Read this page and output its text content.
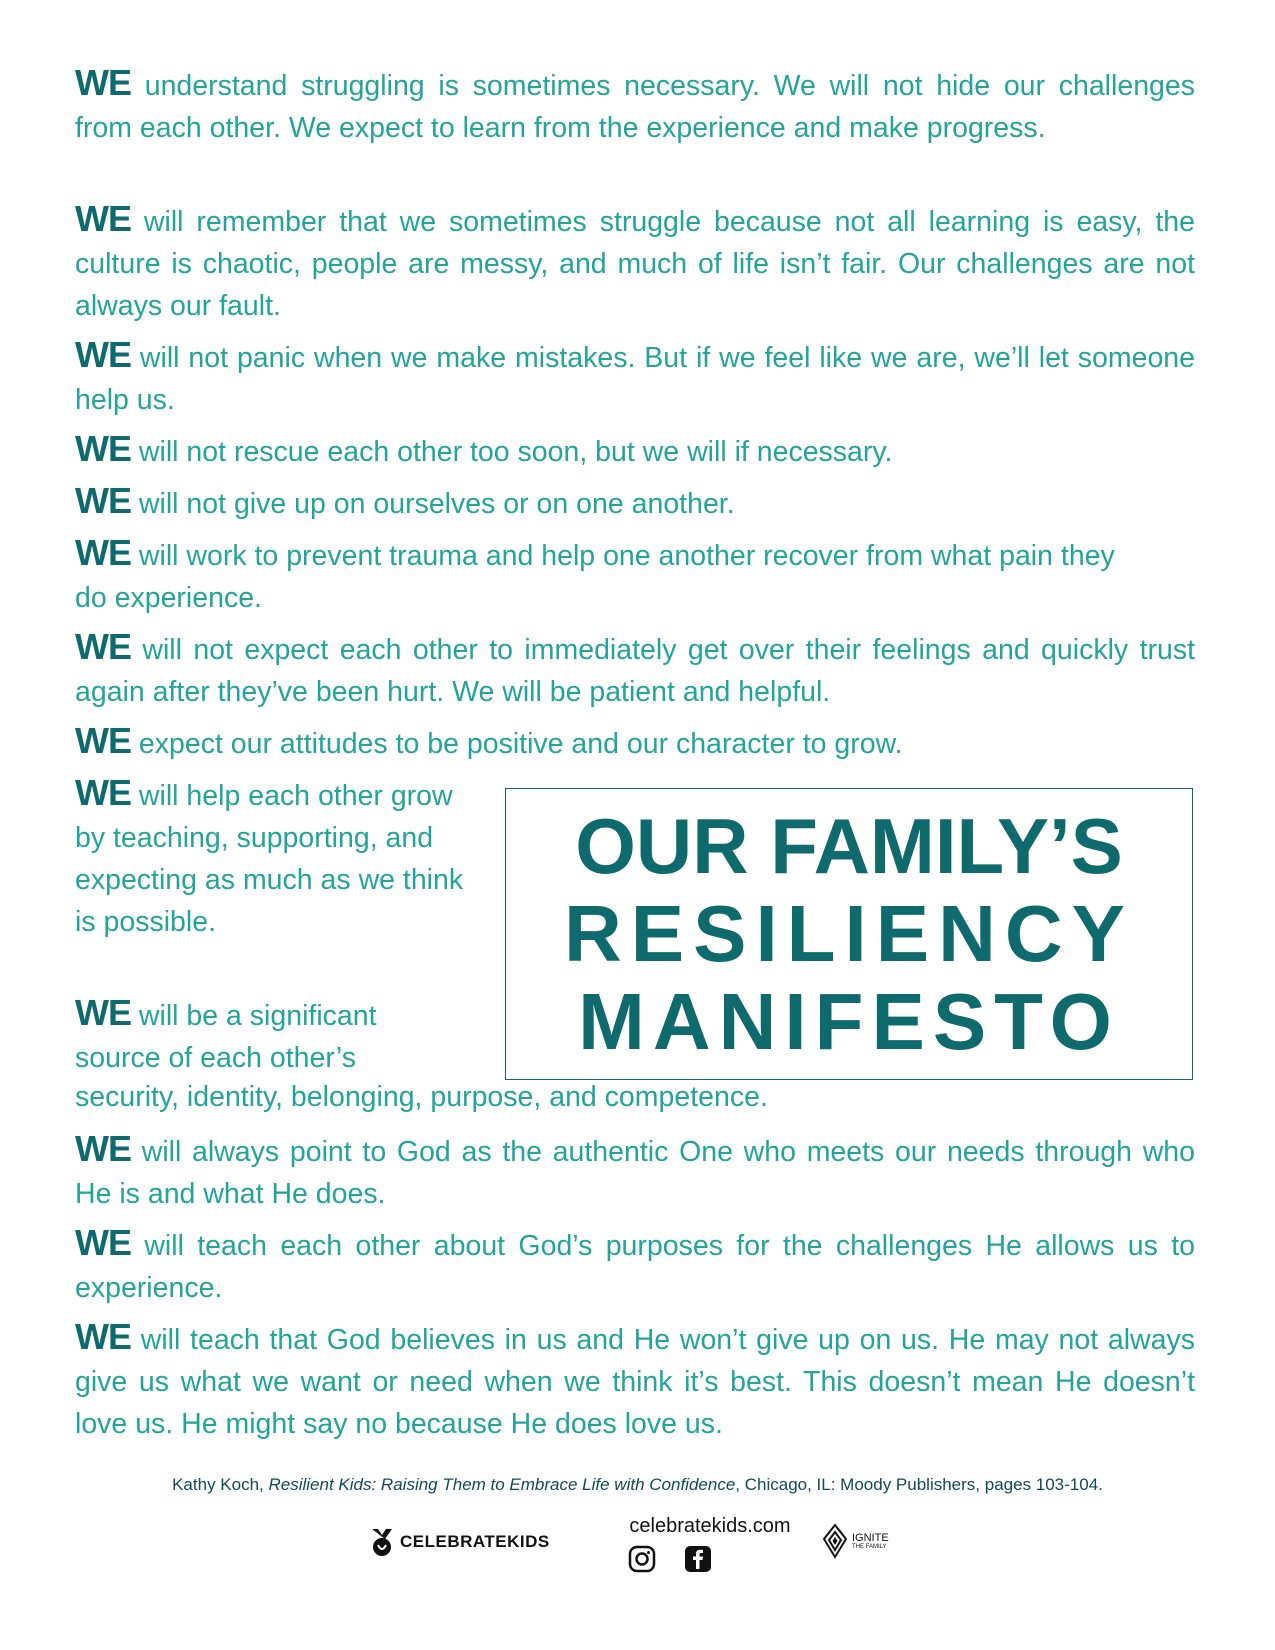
WE understand struggling is sometimes necessary. We will not hide our challenges from each other. We expect to learn from the experience and make progress.

WE will remember that we sometimes struggle because not all learning is easy, the culture is chaotic, people are messy, and much of life isn’t fair. Our challenges are not always our fault.

WE will not panic when we make mistakes. But if we feel like we are, we’ll let someone help us.

WE will not rescue each other too soon, but we will if necessary.

WE will not give up on ourselves or on one another.

WE will work to prevent trauma and help one another recover from what pain they do experience.

WE will not expect each other to immediately get over their feelings and quickly trust again after they’ve been hurt. We will be patient and helpful.

WE expect our attitudes to be positive and our character to grow.

WE will help each other grow by teaching, supporting, and expecting as much as we think is possible.

WE will be a significant source of each other’s

security, identity, belonging, purpose, and competence.

WE will always point to God as the authentic One who meets our needs through who He is and what He does.

WE will teach each other about God’s purposes for the challenges He allows us to experience.

WE will teach that God believes in us and He won’t give up on us. He may not always give us what we want or need when we think it’s best. This doesn’t mean He doesn’t love us. He might say no because He does love us.

OUR FAMILY’S
RESILIENCY
MANIFESTO
Kathy Koch, Resilient Kids: Raising Them to Embrace Life with Confidence, Chicago, IL: Moody Publishers, pages 103-104.
CELEBRATEKIDS
celebratekids.com
IGNITE
THE FAMILY
